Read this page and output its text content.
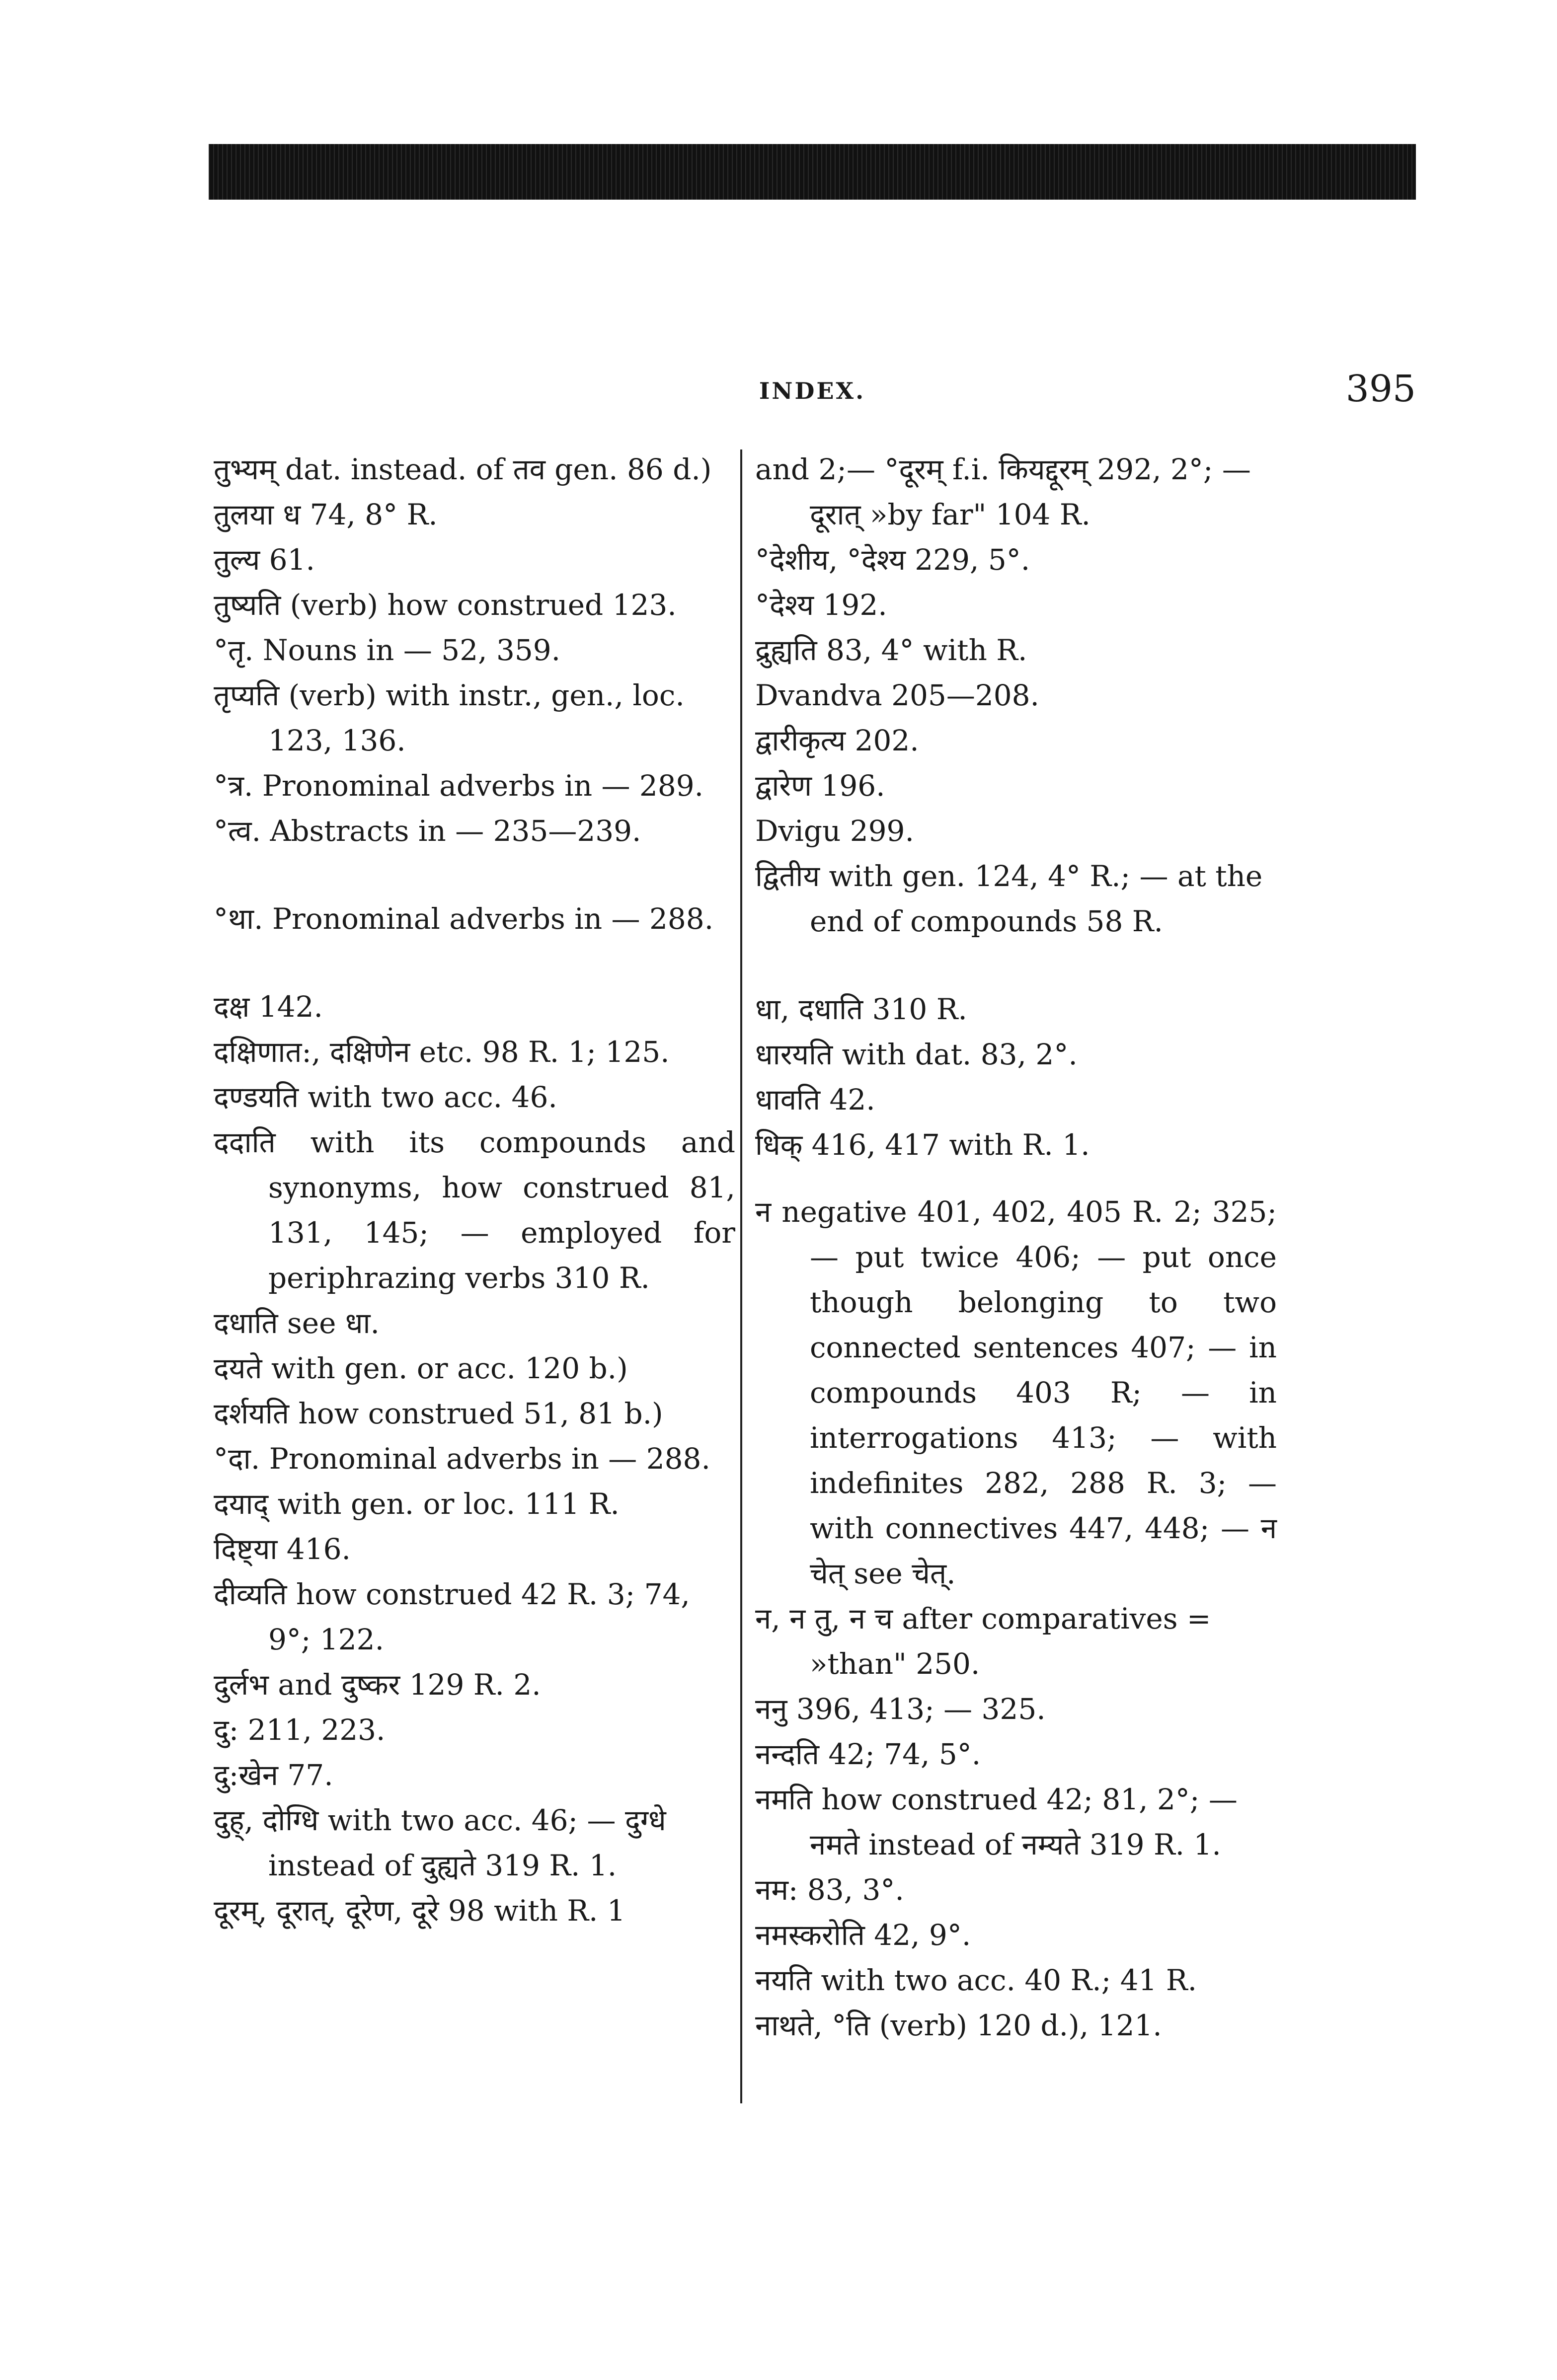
INDEX.	395
तुभ्यम् dat. instead. of तव gen. 86 d.)
तुलया ध 74, 8° R.
तुल्य 61.
तुष्यति (verb) how construed 123.
°तृ. Nouns in — 52, 359.
तृप्यति (verb) with instr., gen., loc. 123, 136.
°त्र. Pronominal adverbs in — 289.
°त्व. Abstracts in — 235—239.
°था. Pronominal adverbs in — 288.
दक्ष 142.
दक्षिणात:, दक्षिणेन etc. 98 R. 1; 125.
दण्डयति with two acc. 46.
ददाति with its compounds and synonyms, how construed 81, 131, 145; — employed for periphrazing verbs 310 R.
दधाति see धा.
दयते with gen. or acc. 120 b.)
दर्शयति how construed 51, 81 b.)
°दा. Pronominal adverbs in — 288.
दयाद् with gen. or loc. 111 R.
दिष्ट्या 416.
दीव्यति how construed 42 R. 3; 74, 9°; 122.
दुर्लभ and दुष्कर 129 R. 2.
दु: 211, 223.
दु:खेन 77.
दुह्, दोग्धि with two acc. 46; — दुग्धे instead of दुह्यते 319 R. 1.
दूरम्, दूरात्, दूरेण, दूरे 98 with R. 1
and 2;— °दूरम् f.i. कियद्दूरम् 292, 2°; — दूरात् »by far" 104 R.
°देशीय, °देश्य 229, 5°.
°देश्य 192.
द्रुह्यति 83, 4° with R.
Dvandva 205—208.
द्वारीकृत्य 202.
द्वारेण 196.
Dvigu 299.
द्वितीय with gen. 124, 4° R.; — at the end of compounds 58 R.
धा, दधाति 310 R.
धारयति with dat. 83, 2°.
धावति 42.
धिक् 416, 417 with R. 1.
न negative 401, 402, 405 R. 2; 325; — put twice 406; — put once though belonging to two connected sentences 407; — in compounds 403 R; — in interrogations 413; — with indefinites 282, 288 R. 3; — with connectives 447, 448; — न चेत् see चेत्.
न, न तु, न च after comparatives = »than" 250.
ननु 396, 413; — 325.
नन्दति 42; 74, 5°.
नमति how construed 42; 81, 2°; — नमते instead of नम्यते 319 R. 1.
नम: 83, 3°.
नमस्करोति 42, 9°.
नयति with two acc. 40 R.; 41 R.
नाथते, °ति (verb) 120 d.), 121.
